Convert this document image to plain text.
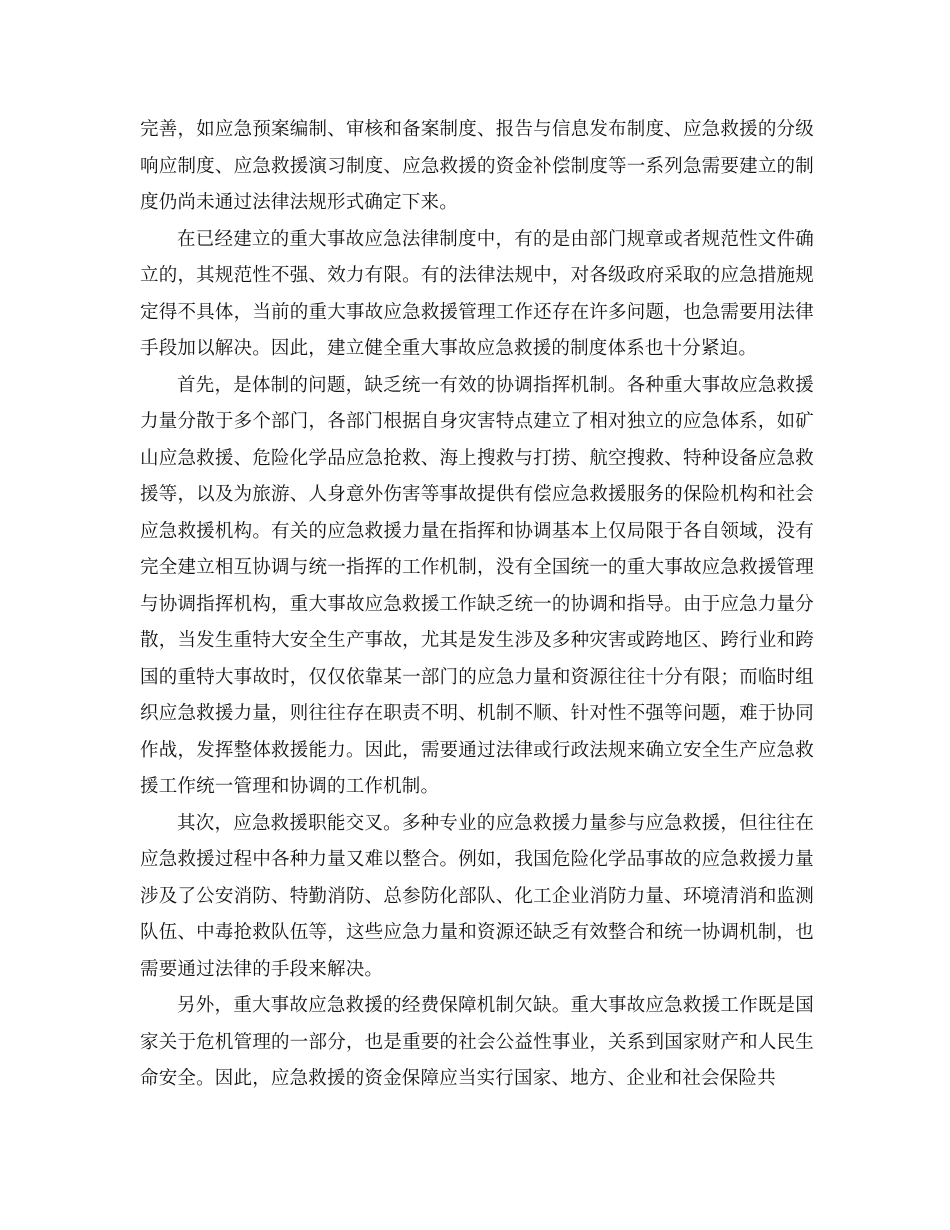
完善，如应急预案编制、审核和备案制度、报告与信息发布制度、应急救援的分级响应制度、应急救援演习制度、应急救援的资金补偿制度等一系列急需要建立的制度仍尚未通过法律法规形式确定下来。

在已经建立的重大事故应急法律制度中，有的是由部门规章或者规范性文件确立的，其规范性不强、效力有限。有的法律法规中，对各级政府采取的应急措施规定得不具体，当前的重大事故应急救援管理工作还存在许多问题，也急需要用法律手段加以解决。因此，建立健全重大事故应急救援的制度体系也十分紧迫。

首先，是体制的问题，缺乏统一有效的协调指挥机制。各种重大事故应急救援力量分散于多个部门，各部门根据自身灾害特点建立了相对独立的应急体系，如矿山应急救援、危险化学品应急抢救、海上搜救与打捞、航空搜救、特种设备应急救援等，以及为旅游、人身意外伤害等事故提供有偿应急救援服务的保险机构和社会应急救援机构。有关的应急救援力量在指挥和协调基本上仅局限于各自领域，没有完全建立相互协调与统一指挥的工作机制，没有全国统一的重大事故应急救援管理与协调指挥机构，重大事故应急救援工作缺乏统一的协调和指导。由于应急力量分散，当发生重特大安全生产事故，尤其是发生涉及多种灾害或跨地区、跨行业和跨国的重特大事故时，仅仅依靠某一部门的应急力量和资源往往十分有限；而临时组织应急救援力量，则往往存在职责不明、机制不顺、针对性不强等问题，难于协同作战，发挥整体救援能力。因此，需要通过法律或行政法规来确立安全生产应急救援工作统一管理和协调的工作机制。

其次，应急救援职能交叉。多种专业的应急救援力量参与应急救援，但往往在应急救援过程中各种力量又难以整合。例如，我国危险化学品事故的应急救援力量涉及了公安消防、特勤消防、总参防化部队、化工企业消防力量、环境清消和监测队伍、中毒抢救队伍等，这些应急力量和资源还缺乏有效整合和统一协调机制，也需要通过法律的手段来解决。

另外，重大事故应急救援的经费保障机制欠缺。重大事故应急救援工作既是国家关于危机管理的一部分，也是重要的社会公益性事业，关系到国家财产和人民生命安全。因此，应急救援的资金保障应当实行国家、地方、企业和社会保险共
